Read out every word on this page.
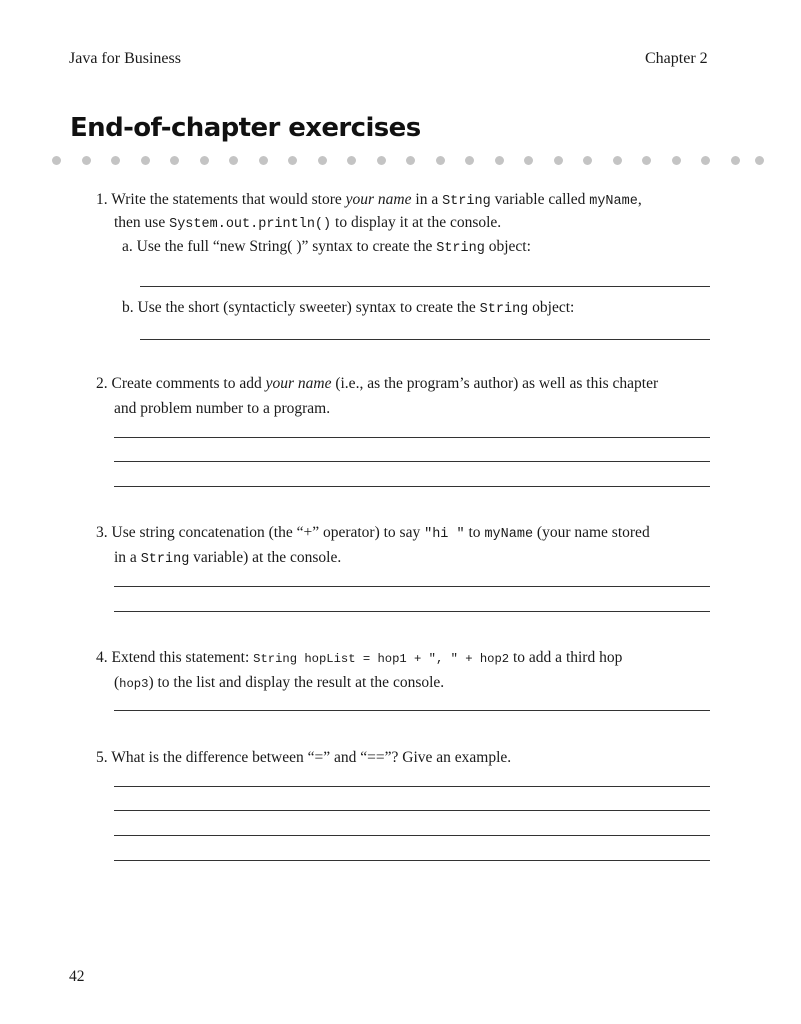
Java for Business	Chapter 2
End-of-chapter exercises
1. Write the statements that would store your name in a String variable called myName,
then use System.out.println() to display it at the console.
a. Use the full “new String( )” syntax to create the String object:
b. Use the short (syntacticly sweeter) syntax to create the String object:
2. Create comments to add your name (i.e., as the program’s author) as well as this chapter
and problem number to a program.
3. Use string concatenation (the “+” operator) to say "hi " to myName (your name stored
in a String variable) at the console.
4. Extend this statement: String hopList = hop1 + ", " + hop2 to add a third hop
(hop3) to the list and display the result at the console.
5. What is the difference between “=” and “==”? Give an example.
42
